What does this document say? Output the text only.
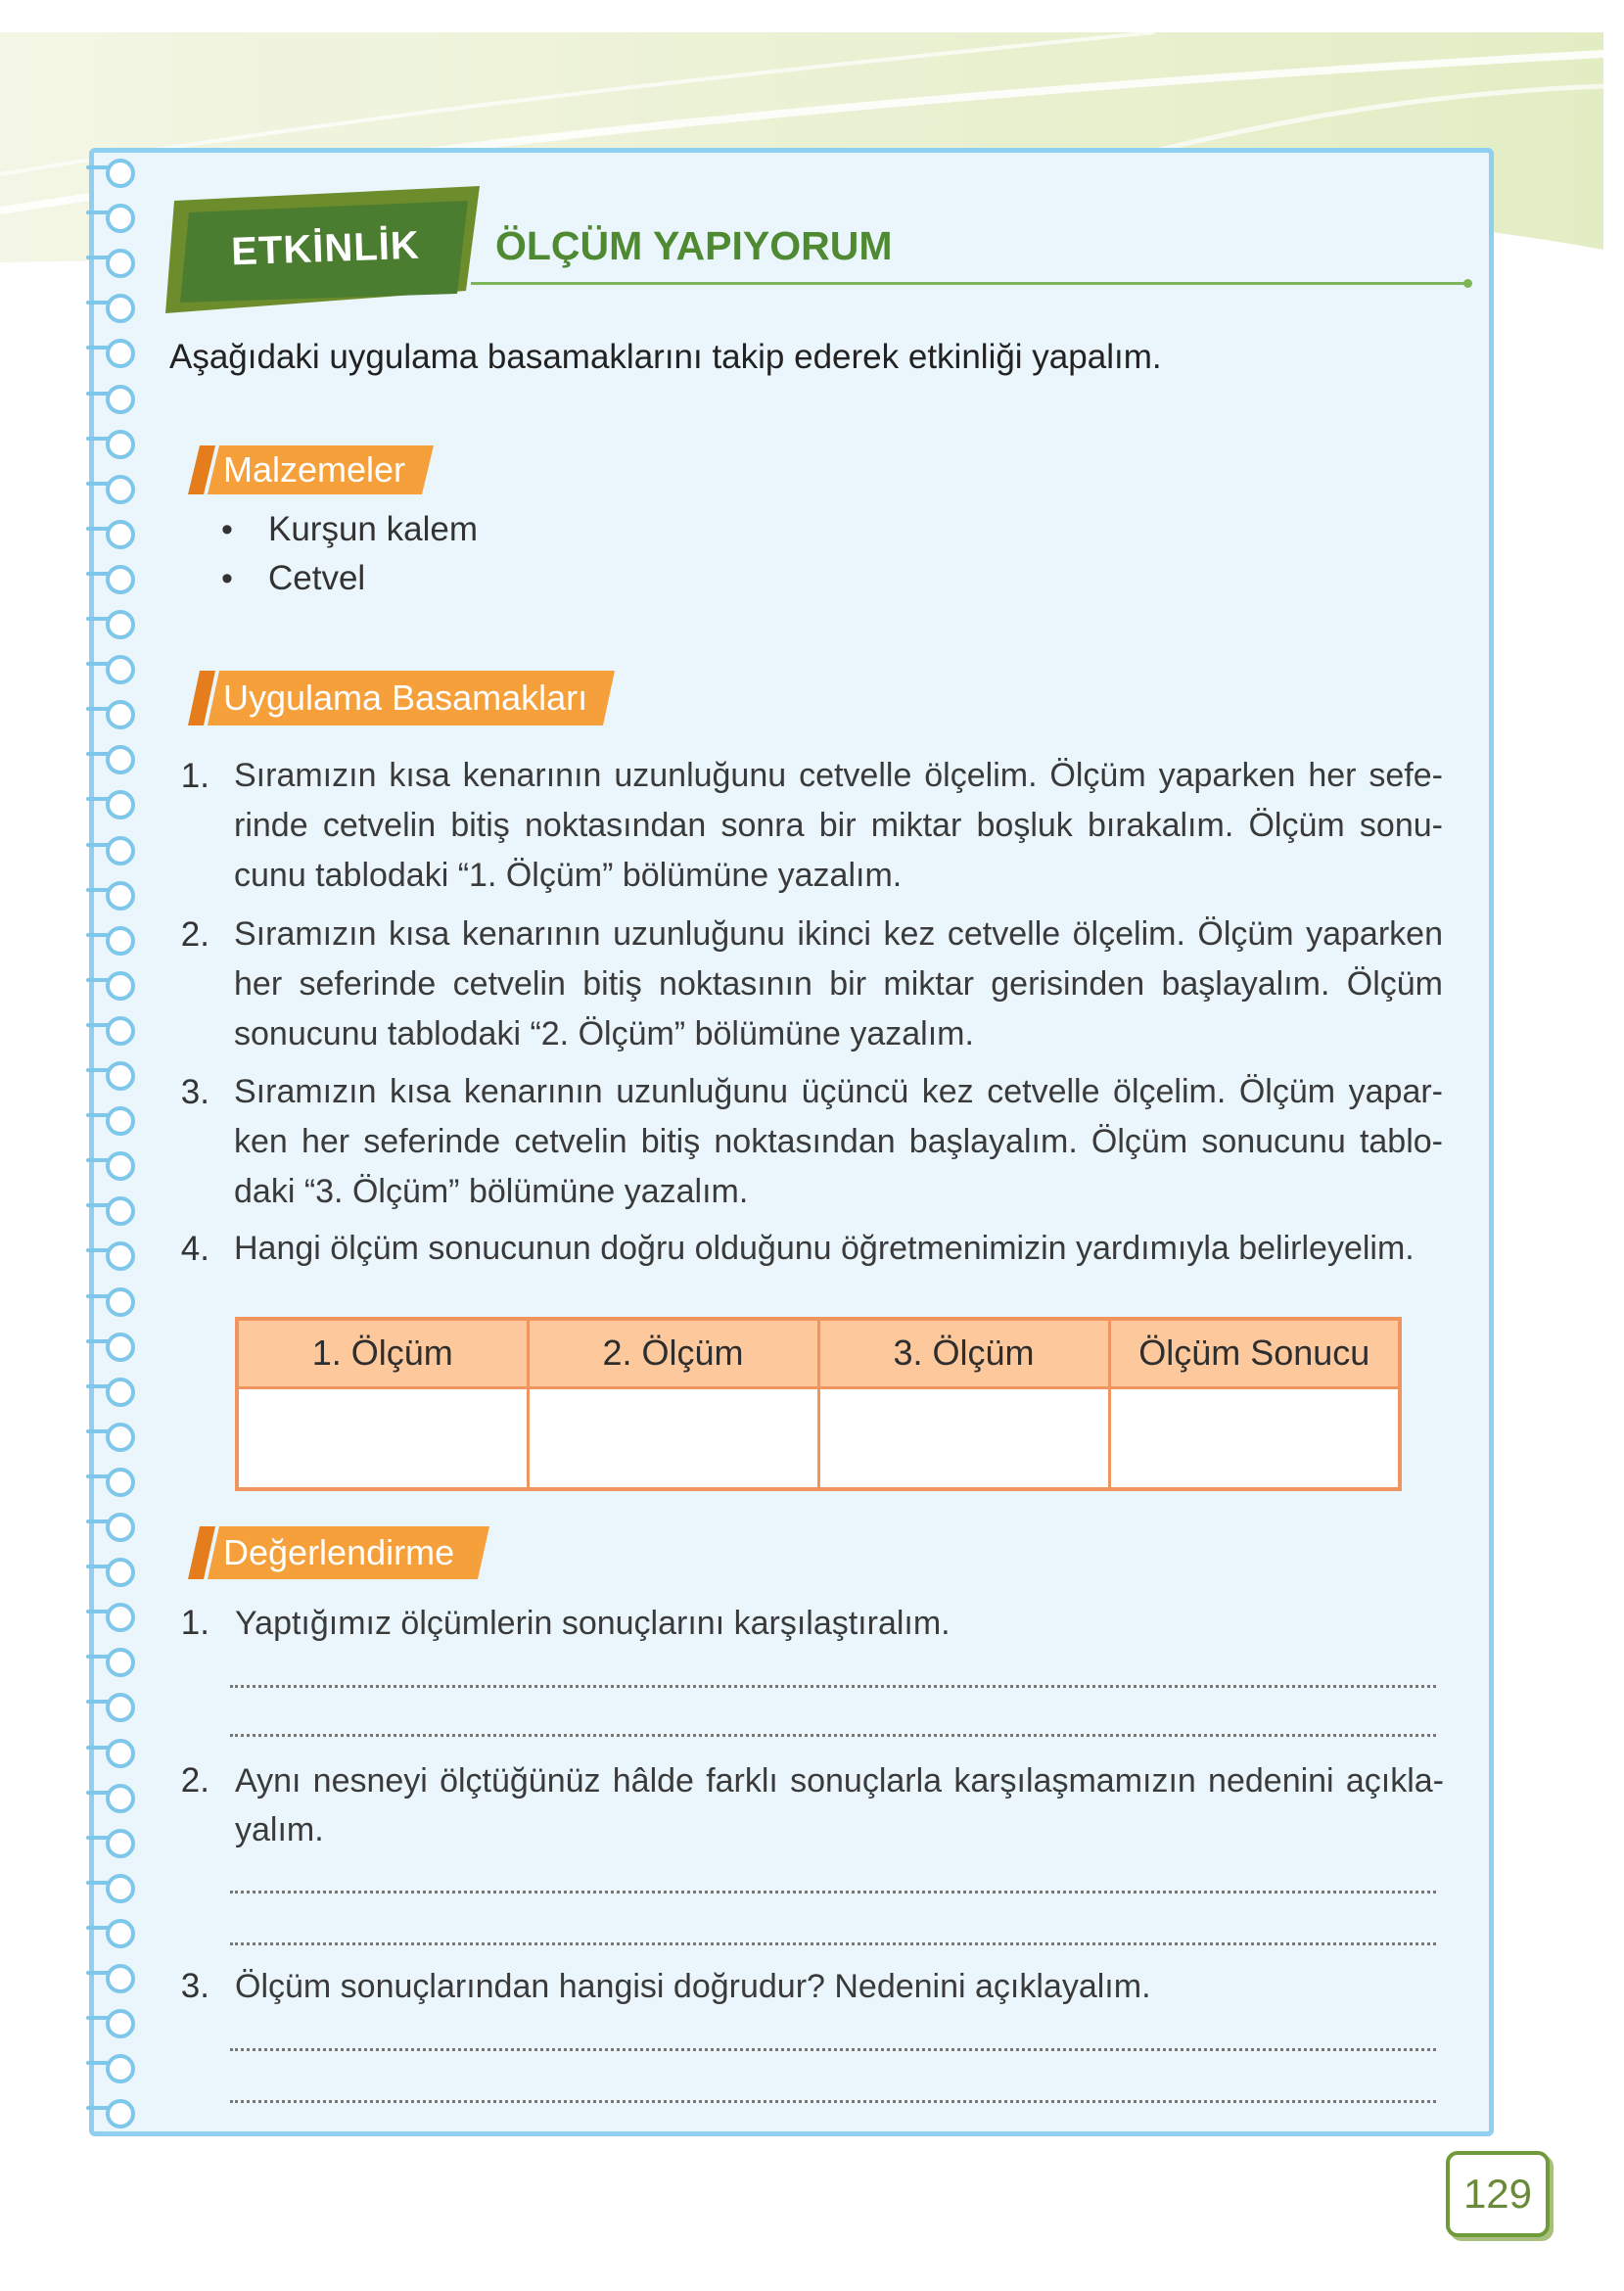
ETKİNLİK	ÖLÇÜM YAPIYORUM
Aşağıdaki uygulama basamaklarını takip ederek etkinliği yapalım.
Malzemeler
• Kurşun kalem
• Cetvel
Uygulama Basamakları
1. Sıramızın kısa kenarının uzunluğunu cetvelle ölçelim. Ölçüm yaparken her sefe-
rinde cetvelin bitiş noktasından sonra bir miktar boşluk bırakalım. Ölçüm sonu-
cunu tablodaki “1. Ölçüm” bölümüne yazalım.
2. Sıramızın kısa kenarının uzunluğunu ikinci kez cetvelle ölçelim. Ölçüm yaparken
her seferinde cetvelin bitiş noktasının bir miktar gerisinden başlayalım. Ölçüm
sonucunu tablodaki “2. Ölçüm” bölümüne yazalım.
3. Sıramızın kısa kenarının uzunluğunu üçüncü kez cetvelle ölçelim. Ölçüm yapar-
ken her seferinde cetvelin bitiş noktasından başlayalım. Ölçüm sonucunu tablo-
daki “3. Ölçüm” bölümüne yazalım.
4. Hangi ölçüm sonucunun doğru olduğunu öğretmenimizin yardımıyla belirleyelim.
1. Ölçüm	2. Ölçüm	3. Ölçüm	Ölçüm Sonucu

Değerlendirme
1. Yaptığımız ölçümlerin sonuçlarını karşılaştıralım.
2. Aynı nesneyi ölçtüğünüz hâlde farklı sonuçlarla karşılaşmamızın nedenini açıkla-
yalım.
3. Ölçüm sonuçlarından hangisi doğrudur? Nedenini açıklayalım.
129
